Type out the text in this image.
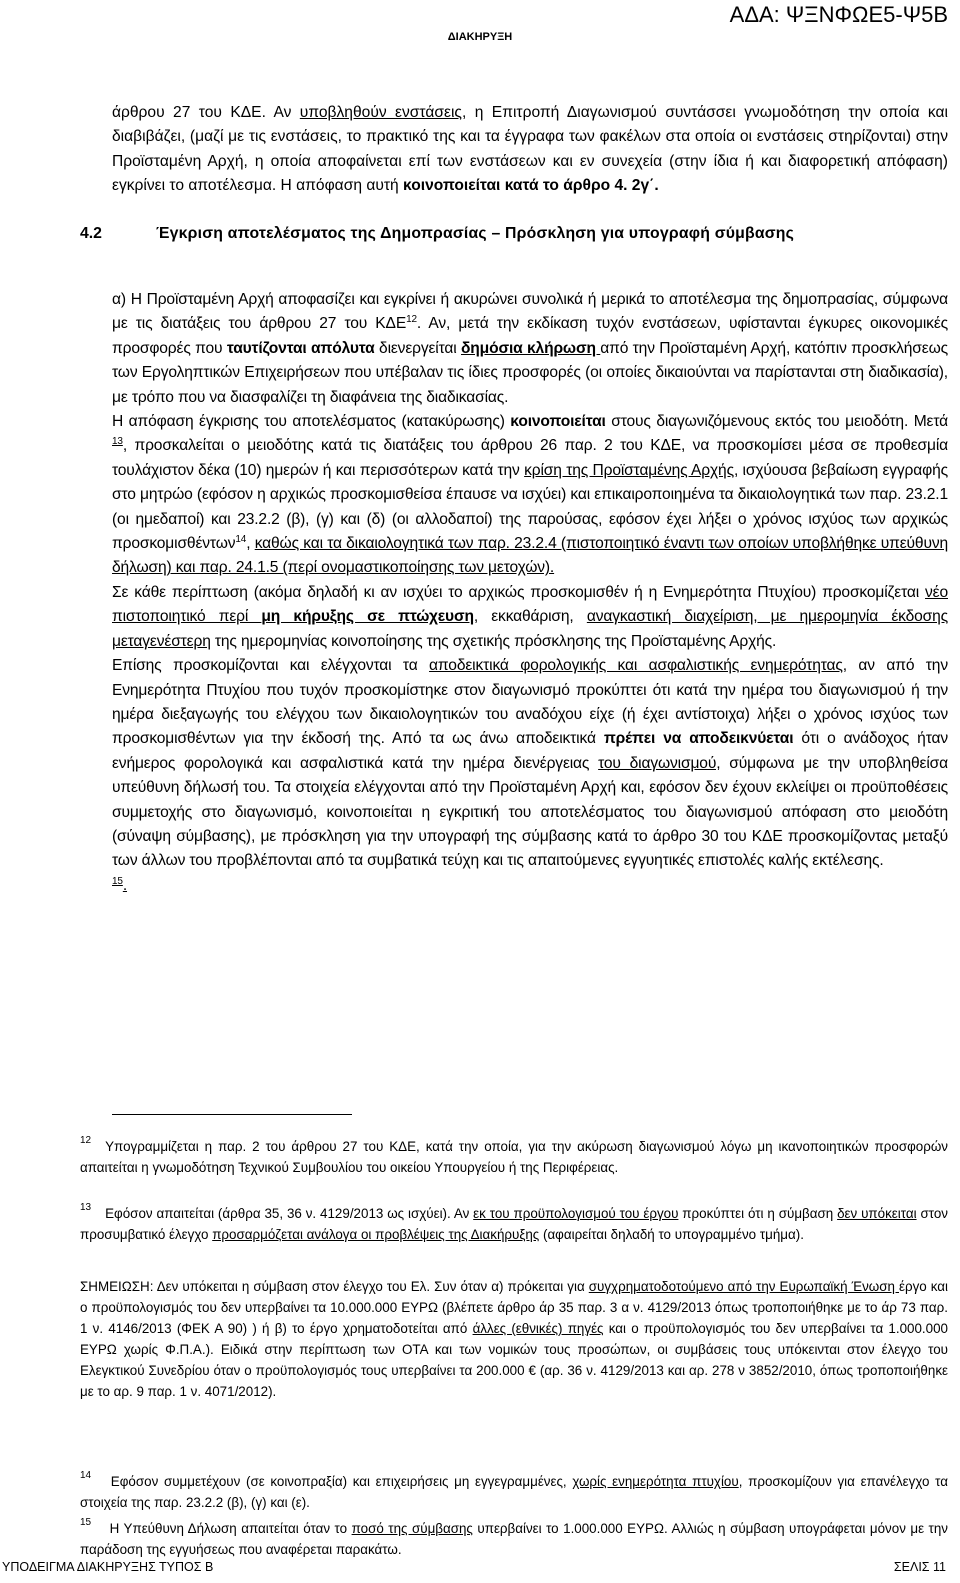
ΑΔΑ: ΨΞΝΦΩΕ5-Ψ5Β
ΔΙΑΚΗΡΥΞΗ

άρθρου 27 του ΚΔΕ. Αν υποβληθούν ενστάσεις, η Επιτροπή Διαγωνισμού συντάσσει γνωμοδότηση την οποία και διαβιβάζει, (μαζί με τις ενστάσεις, το πρακτικό της και τα έγγραφα των φακέλων στα οποία οι ενστάσεις στηρίζονται) στην Προϊσταμένη Αρχή, η οποία αποφαίνεται επί των ενστάσεων και εν συνεχεία (στην ίδια ή και διαφορετική απόφαση) εγκρίνει το αποτέλεσμα. Η απόφαση αυτή κοινοποιείται κατά το άρθρο 4. 2γ΄.

4.2	Έγκριση αποτελέσματος της Δημοπρασίας – Πρόσκληση για υπογραφή σύμβασης

α) Η Προϊσταμένη Αρχή αποφασίζει και εγκρίνει ή ακυρώνει συνολικά ή μερικά το αποτέλεσμα της δημοπρασίας, σύμφωνα με τις διατάξεις του άρθρου 27 του ΚΔΕ$^{12}$. Αν, μετά την εκδίκαση τυχόν ενστάσεων, υφίστανται έγκυρες οικονομικές προσφορές που ταυτίζονται απόλυτα διενεργείται δημόσια κλήρωση από την Προϊσταμένη Αρχή, κατόπιν προσκλήσεως των Εργοληπτικών Επιχειρήσεων που υπέβαλαν τις ίδιες προσφορές (οι οποίες δικαιούνται να παρίστανται στη διαδικασία), με τρόπο που να διασφαλίζει τη διαφάνεια της διαδικασίας.
Η απόφαση έγκρισης του αποτελέσματος (κατακύρωσης) κοινοποιείται στους διαγωνιζόμενους εκτός του μειοδότη. Μετά $^{13}$, προσκαλείται ο μειοδότης κατά τις διατάξεις του άρθρου 26 παρ. 2 του ΚΔΕ, να προσκομίσει μέσα σε προθεσμία τουλάχιστον δέκα (10) ημερών ή και περισσότερων κατά την κρίση της Προϊσταμένης Αρχής, ισχύουσα βεβαίωση εγγραφής στο μητρώο (εφόσον η αρχικώς προσκομισθείσα έπαυσε να ισχύει) και επικαιροποιημένα τα δικαιολογητικά των παρ. 23.2.1 (οι ημεδαποί) και 23.2.2 (β), (γ) και (δ) (οι αλλοδαποί) της παρούσας, εφόσον έχει λήξει ο χρόνος ισχύος των αρχικώς προσκομισθέντων$^{14}$, καθώς και τα δικαιολογητικά των παρ. 23.2.4 (πιστοποιητικό έναντι των οποίων υποβλήθηκε υπεύθυνη δήλωση) και παρ. 24.1.5 (περί ονομαστικοποίησης των μετοχών).
Σε κάθε περίπτωση (ακόμα δηλαδή κι αν ισχύει το αρχικώς προσκομισθέν ή η Ενημερότητα Πτυχίου) προσκομίζεται νέο πιστοποιητικό περί μη κήρυξης σε πτώχευση, εκκαθάριση, αναγκαστική διαχείριση, με ημερομηνία έκδοσης μεταγενέστερη της ημερομηνίας κοινοποίησης της σχετικής πρόσκλησης της Προϊσταμένης Αρχής.
Επίσης προσκομίζονται και ελέγχονται τα αποδεικτικά φορολογικής και ασφαλιστικής ενημερότητας, αν από την Ενημερότητα Πτυχίου που τυχόν προσκομίστηκε στον διαγωνισμό προκύπτει ότι κατά την ημέρα του διαγωνισμού ή την ημέρα διεξαγωγής του ελέγχου των δικαιολογητικών του αναδόχου είχε (ή έχει αντίστοιχα) λήξει ο χρόνος ισχύος των προσκομισθέντων για την έκδοσή της. Από τα ως άνω αποδεικτικά πρέπει να αποδεικνύεται ότι ο ανάδοχος ήταν ενήμερος φορολογικά και ασφαλιστικά κατά την ημέρα διενέργειας του διαγωνισμού, σύμφωνα με την υποβληθείσα υπεύθυνη δήλωσή του. Τα στοιχεία ελέγχονται από την Προϊσταμένη Αρχή και, εφόσον δεν έχουν εκλείψει οι προϋποθέσεις συμμετοχής στο διαγωνισμό, κοινοποιείται η εγκριτική του αποτελέσματος του διαγωνισμού απόφαση στο μειοδότη (σύναψη σύμβασης), με πρόσκληση για την υπογραφή της σύμβασης κατά το άρθρο 30 του ΚΔΕ προσκομίζοντας μεταξύ των άλλων του προβλέπονται από τα συμβατικά τεύχη και τις απαιτούμενες εγγυητικές επιστολές καλής εκτέλεσης.
$^{15}$.

$^{12}$ Υπογραμμίζεται η παρ. 2 του άρθρου 27 του ΚΔΕ, κατά την οποία, για την ακύρωση διαγωνισμού λόγω μη ικανοποιητικών προσφορών απαιτείται η γνωμοδότηση Τεχνικού Συμβουλίου του οικείου Υπουργείου ή της Περιφέρειας.

$^{13}$ Εφόσον απαιτείται (άρθρα 35, 36 ν. 4129/2013 ως ισχύει). Αν εκ του προϋπολογισμού του έργου προκύπτει ότι η σύμβαση δεν υπόκειται στον προσυμβατικό έλεγχο προσαρμόζεται ανάλογα οι προβλέψεις της Διακήρυξης (αφαιρείται δηλαδή το υπογραμμένο τμήμα).

ΣΗΜΕΙΩΣΗ: Δεν υπόκειται η σύμβαση στον έλεγχο του Ελ. Συν όταν α) πρόκειται για συγχρηματοδοτούμενο από την Ευρωπαϊκή Ένωση έργο και ο προϋπολογισμός του δεν υπερβαίνει τα 10.000.000 ΕΥΡΩ (βλέπετε άρθρο άρ 35 παρ. 3 α ν. 4129/2013 όπως τροποποιήθηκε με το άρ 73 παρ. 1 ν. 4146/2013 (ΦΕΚ Α 90) ) ή β) το έργο χρηματοδοτείται από άλλες (εθνικές) πηγές και ο προϋπολογισμός του δεν υπερβαίνει τα 1.000.000 ΕΥΡΩ χωρίς Φ.Π.Α.). Ειδικά στην περίπτωση των ΟΤΑ και των νομικών τους προσώπων, οι συμβάσεις τους υπόκεινται στον έλεγχο του Ελεγκτικού Συνεδρίου όταν ο προϋπολογισμός τους υπερβαίνει τα 200.000 € (αρ. 36 ν. 4129/2013 και αρ. 278 ν 3852/2010, όπως τροποποιήθηκε με το αρ. 9 παρ. 1 ν. 4071/2012).

$^{14}$ Εφόσον συμμετέχουν (σε κοινοπραξία) και επιχειρήσεις μη εγγεγραμμένες, χωρίς ενημερότητα πτυχίου, προσκομίζουν για επανέλεγχο τα στοιχεία της παρ. 23.2.2 (β), (γ) και (ε).

$^{15}$ Η Υπεύθυνη Δήλωση απαιτείται όταν το ποσό της σύμβασης υπερβαίνει το 1.000.000 ΕΥΡΩ. Αλλιώς η σύμβαση υπογράφεται μόνον με την παράδοση της εγγυήσεως που αναφέρεται παρακάτω.

ΥΠΟΔΕΙΓΜΑ ΔΙΑΚΗΡΥΞΗΣ ΤΥΠΟΣ Β	ΣΕΛΙΣ 11
